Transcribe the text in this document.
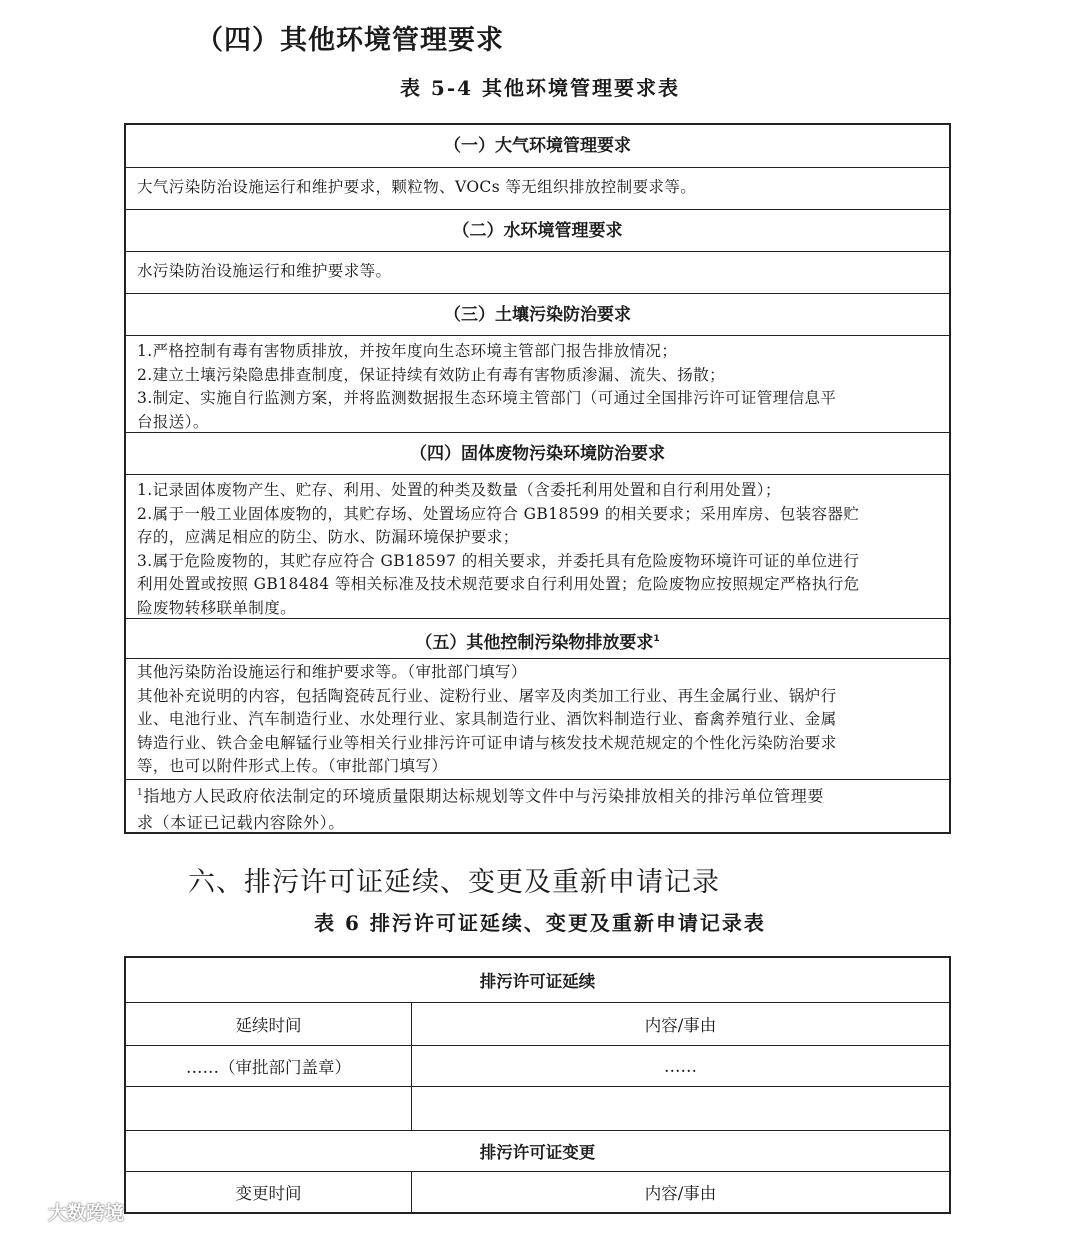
（四）其他环境管理要求
表 5-4 其他环境管理要求表
（一）大气环境管理要求
大气污染防治设施运行和维护要求，颗粒物、VOCs 等无组织排放控制要求等。
（二）水环境管理要求
水污染防治设施运行和维护要求等。
（三）土壤污染防治要求
1.严格控制有毒有害物质排放，并按年度向生态环境主管部门报告排放情况；
2.建立土壤污染隐患排查制度，保证持续有效防止有毒有害物质渗漏、流失、扬散；
3.制定、实施自行监测方案，并将监测数据报生态环境主管部门（可通过全国排污许可证管理信息平
台报送）。
（四）固体废物污染环境防治要求
1.记录固体废物产生、贮存、利用、处置的种类及数量（含委托利用处置和自行利用处置）；
2.属于一般工业固体废物的，其贮存场、处置场应符合 GB18599 的相关要求；采用库房、包装容器贮
存的，应满足相应的防尘、防水、防漏环境保护要求；
3.属于危险废物的，其贮存应符合 GB18597 的相关要求，并委托具有危险废物环境许可证的单位进行
利用处置或按照 GB18484 等相关标准及技术规范要求自行利用处置；危险废物应按照规定严格执行危
险废物转移联单制度。
（五）其他控制污染物排放要求$^1$
其他污染防治设施运行和维护要求等。（审批部门填写）
其他补充说明的内容，包括陶瓷砖瓦行业、淀粉行业、屠宰及肉类加工行业、再生金属行业、锅炉行
业、电池行业、汽车制造行业、水处理行业、家具制造行业、酒饮料制造行业、畜禽养殖行业、金属
铸造行业、铁合金电解锰行业等相关行业排污许可证申请与核发技术规范规定的个性化污染防治要求
等，也可以附件形式上传。（审批部门填写）
$^1$指地方人民政府依法制定的环境质量限期达标规划等文件中与污染排放相关的排污单位管理要
求（本证已记载内容除外）。
六、排污许可证延续、变更及重新申请记录
表 6 排污许可证延续、变更及重新申请记录表
排污许可证延续
延续时间	内容/事由
……（审批部门盖章）	……
排污许可证变更
变更时间	内容/事由
大数跨境
